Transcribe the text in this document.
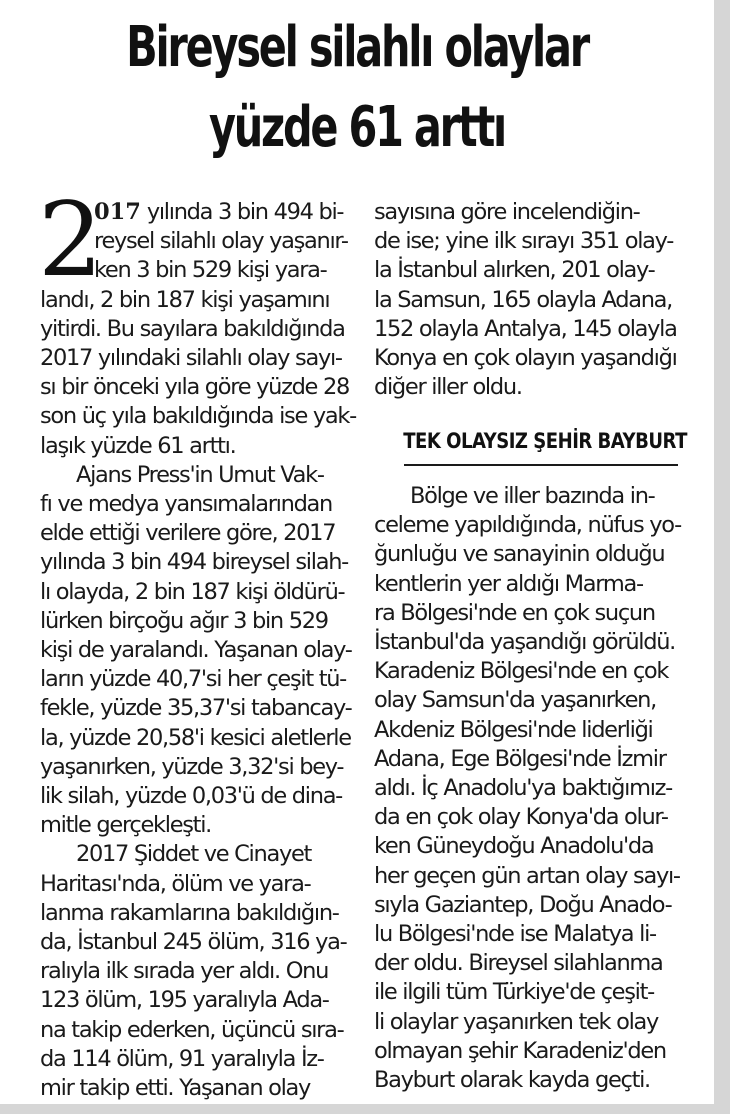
Bireysel silahlı olaylar
yüzde 61 arttı
2
017 yılında 3 bin 494 bi-
reysel silahlı olay yaşanır-
ken 3 bin 529 kişi yara-
landı, 2 bin 187 kişi yaşamını
yitirdi. Bu sayılara bakıldığında
2017 yılındaki silahlı olay sayı-
sı bir önceki yıla göre yüzde 28
son üç yıla bakıldığında ise yak-
laşık yüzde 61 arttı.
Ajans Press'in Umut Vak-
fı ve medya yansımalarından
elde ettiği verilere göre, 2017
yılında 3 bin 494 bireysel silah-
lı olayda, 2 bin 187 kişi öldürü-
lürken birçoğu ağır 3 bin 529
kişi de yaralandı. Yaşanan olay-
ların yüzde 40,7'si her çeşit tü-
fekle, yüzde 35,37'si tabancay-
la, yüzde 20,58'i kesici aletlerle
yaşanırken, yüzde 3,32'si bey-
lik silah, yüzde 0,03'ü de dina-
mitle gerçekleşti.
2017 Şiddet ve Cinayet
Haritası'nda, ölüm ve yara-
lanma rakamlarına bakıldığın-
da, İstanbul 245 ölüm, 316 ya-
ralıyla ilk sırada yer aldı. Onu
123 ölüm, 195 yaralıyla Ada-
na takip ederken, üçüncü sıra-
da 114 ölüm, 91 yaralıyla İz-
mir takip etti. Yaşanan olay
sayısına göre incelendiğin-
de ise; yine ilk sırayı 351 olay-
la İstanbul alırken, 201 olay-
la Samsun, 165 olayla Adana,
152 olayla Antalya, 145 olayla
Konya en çok olayın yaşandığı
diğer iller oldu.
TEK OLAYSIZ ŞEHİR BAYBURT
Bölge ve iller bazında in-
celeme yapıldığında, nüfus yo-
ğunluğu ve sanayinin olduğu
kentlerin yer aldığı Marma-
ra Bölgesi'nde en çok suçun
İstanbul'da yaşandığı görüldü.
Karadeniz Bölgesi'nde en çok
olay Samsun'da yaşanırken,
Akdeniz Bölgesi'nde liderliği
Adana, Ege Bölgesi'nde İzmir
aldı. İç Anadolu'ya baktığımız-
da en çok olay Konya'da olur-
ken Güneydoğu Anadolu'da
her geçen gün artan olay sayı-
sıyla Gaziantep, Doğu Anado-
lu Bölgesi'nde ise Malatya li-
der oldu. Bireysel silahlanma
ile ilgili tüm Türkiye'de çeşit-
li olaylar yaşanırken tek olay
olmayan şehir Karadeniz'den
Bayburt olarak kayda geçti.
